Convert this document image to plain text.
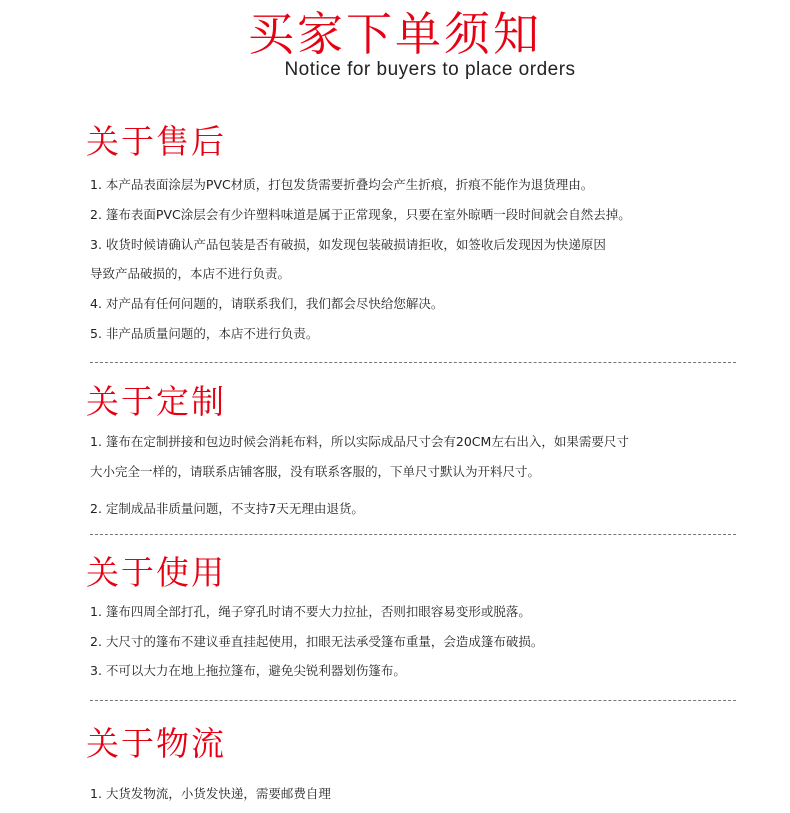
买家下单须知
Notice for buyers to place orders
关于售后
1. 本产品表面涂层为PVC材质，打包发货需要折叠均会产生折痕，折痕不能作为退货理由。
2. 篷布表面PVC涂层会有少许塑料味道是属于正常现象，只要在室外晾晒一段时间就会自然去掉。
3. 收货时候请确认产品包装是否有破损，如发现包装破损请拒收，如签收后发现因为快递原因
导致产品破损的，本店不进行负责。
4. 对产品有任何问题的，请联系我们，我们都会尽快给您解决。
5. 非产品质量问题的，本店不进行负责。
关于定制
1. 篷布在定制拼接和包边时候会消耗布料，所以实际成品尺寸会有20CM左右出入，如果需要尺寸
大小完全一样的，请联系店铺客服，没有联系客服的，下单尺寸默认为开料尺寸。
2. 定制成品非质量问题，不支持7天无理由退货。
关于使用
1. 篷布四周全部打孔，绳子穿孔时请不要大力拉扯，否则扣眼容易变形或脱落。
2. 大尺寸的篷布不建议垂直挂起使用，扣眼无法承受篷布重量，会造成篷布破损。
3. 不可以大力在地上拖拉篷布，避免尖锐利器划伤篷布。
关于物流
1. 大货发物流，小货发快递，需要邮费自理
